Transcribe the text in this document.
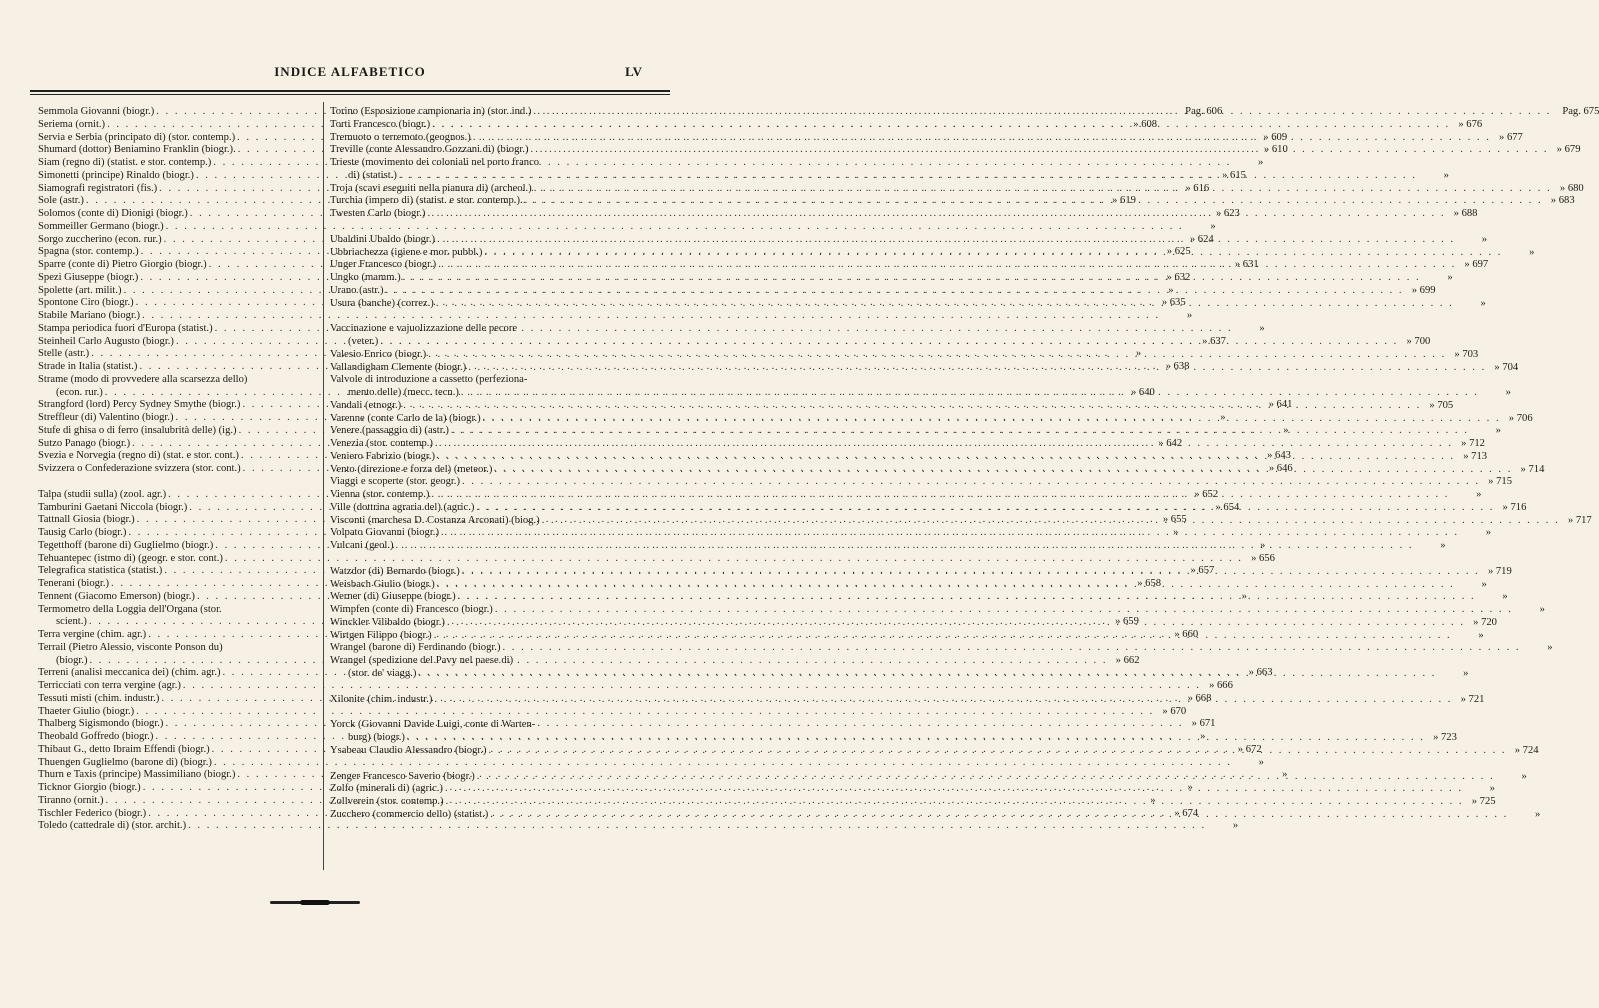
INDICE ALFABETICO	LV
Semmola Giovanni (biogr.) . . .	Pag. 606
Seriema (ornit.) . . .	» 608
Servia e Serbia (principato di) (stor. contemp.) . . .	» 609
Shumard (dottor) Beniamino Franklin (biogr.). . . .	» 610
Siam (regno di) (statist. e stor. contemp.) . . .	»
Simonetti (principe) Rinaldo (biogr.) . . .	» 615
Siamografi registratori (fis.) . . .	» 616
Sole (astr.) . . .	» 619
Solomos (conte di) Dionigi (biogr.) . . .	» 623
Sommeiller Germano (biogr.) . . .	»
Sorgo zuccherino (econ. rur.) . . .	» 624
Spagna (stor. contemp.) . . .	» 625
Sparre (conte di) Pietro Giorgio (biogr.) . . .	» 631
Spezi Giuseppe (biogr.) . . .	» 632
Spolette (art. milit.) . . .	»
Spontone Ciro (biogr.) . . .	» 635
Stabile Mariano (biogr.) . . .	»
Stampa periodica fuori d'Europa (statist.) . . .	»
Steinheil Carlo Augusto (biogr.) . . .	» 637
Stelle (astr.) . . .	»
Strade in Italia (statist.) . . .	» 638
Strame (modo di provvedere alla scarsezza dello)
(econ. rur.) . . .	» 640
Strangford (lord) Percy Sydney Smythe (biogr.) . . .	» 641
Streffleur (di) Valentino (biogr.) . . .	»
Stufe di ghisa o di ferro (insalubrità delle) (ig.) . . .	»
Sutzo Panago (biogr.) . . .	» 642
Svezia e Norvegia (regno di) (stat. e stor. cont.) . . .	» 643
Svizzera o Confederazione svizzera (stor. cont.) . . .	» 646
Talpa (studii sulla) (zool. agr.) . . .	» 652
Tamburini Gaetani Niccola (biogr.) . . .	» 654
Tattnall Giosia (biogr.) . . .	» 655
Tausig Carlo (biogr.) . . .	»
Tegetthoff (barone di) Guglielmo (biogr.) . . .	»
Tehuantepec (istmo di) (geogr. e stor. cont.) . . .	» 656
Telegrafica statistica (statist.) . . .	» 657
Tenerani (biogr.) . . .	» 658
Tennent (Giacomo Emerson) (biogr.) . . .	»
Termometro della Loggia dell'Organa (stor.
scient.) . . .	» 659
Terra vergine (chim. agr.) . . .	» 660
Terrail (Pietro Alessio, visconte Ponson du)
(biogr.) . . .	» 662
Terreni (analisi meccanica dei) (chim. agr.) . . .	» 663
Terricciati con terra vergine (agr.) . . .	» 666
Tessuti misti (chim. industr.) . . .	» 668
Thaeter Giulio (biogr.) . . .	» 670
Thalberg Sigismondo (biogr.) . . .	» 671
Theobald Goffredo (biogr.) . . .	»
Thibaut G., detto Ibraim Effendi (biogr.) . . .	» 672
Thuengen Guglielmo (barone di) (biogr.) . . .	»
Thurn e Taxis (principe) Massimiliano (biogr.) . . .	»
Ticknor Giorgio (biogr.) . . .	»
Tiranno (ornit.) . . .	»
Tischler Federico (biogr.) . . .	» 674
Toledo (cattedrale di) (stor. archit.) . . .	»
Torino (Esposizione campionaria in) (stor. ind.) . . .	Pag. 675
Torti Francesco (biogr.) . . .	» 676
Tremuoto o terremoto (geognos.) . . .	» 677
Treville (conte Alessandro Gozzani di) (biogr.) . . .	» 679
Trieste (movimento dei coloniali nel porto franco
di) (statist.) . . .	»
Troja (scavi eseguiti nella pianura di) (archeol.) . . .	» 680
Turchia (impero di) (statist. e stor. contemp.). . . .	» 683
Twesten Carlo (biogr.) . . .	» 688
Ubaldini Ubaldo (biogr.) . . .	»
Ubbriachezza (igiene e mor. pubbl.) . . .	»
Unger Francesco (biogr.) . . .	» 697
Ungko (mamm.) . . .	»
Urano (astr.) . . .	» 699
Usura (banche) (correz.) . . .	»
Vaccinazione e vajuolizzazione delle pecore
(veter.) . . .	» 700
Valesio Enrico (biogr.) . . .	» 703
Vallandigham Clemente (biogr.) . . .	» 704
Valvole di introduzione a cassetto (perfeziona-
mento delle) (mecc. tecn.) . . .	»
Vandali (etnogr.) . . .	» 705
Varenne (conte Carlo de la) (biogr.) . . .	» 706
Venere (passaggio di) (astr.) . . .	»
Venezia (stor. contemp.) . . .	» 712
Veniero Fabrizio (biogr.) . . .	» 713
Vento (direzione e forza del) (meteor.) . . .	» 714
Viaggi e scoperte (stor. geogr.) . . .	» 715
Vienna (stor. contemp.) . . .	»
Ville (dottrina agraria del) (agric.) . . .	» 716
Visconti (marchesa D. Costanza Arconati) (biog.) . . .	» 717
Volpato Giovanni (biogr.) . . .	»
Vulcani (geol.) . . .	»
Watzdor (di) Bernardo (biogr.) . . .	» 719
Weisbach Giulio (biogr.) . . .	»
Werner (di) Giuseppe (biogr.) . . .	»
Wimpfen (conte di) Francesco (biogr.) . . .	»
Winckler Vilibaldo (biogr.) . . .	» 720
Wirtgen Filippo (biogr.) . . .	»
Wrangel (barone di) Ferdinando (biogr.) . . .	»
Wrangel (spedizione del Pavy nel paese di)
(stor. de' viagg.) . . .	»
Xilonite (chim. industr.) . . .	» 721
Yorck (Giovanni Davide Luigi, conte di Warten-
burg) (biogr.) . . .	» 723
Ysabeau Claudio Alessandro (biogr.) . . .	» 724
Zenger Francesco Saverio (biogr.) . . .	»
Zolfo (minerali di) (agric.) . . .	»
Zollverein (stor. contemp.) . . .	» 725
Zucchero (commercio dello) (statist.) . . .	»
